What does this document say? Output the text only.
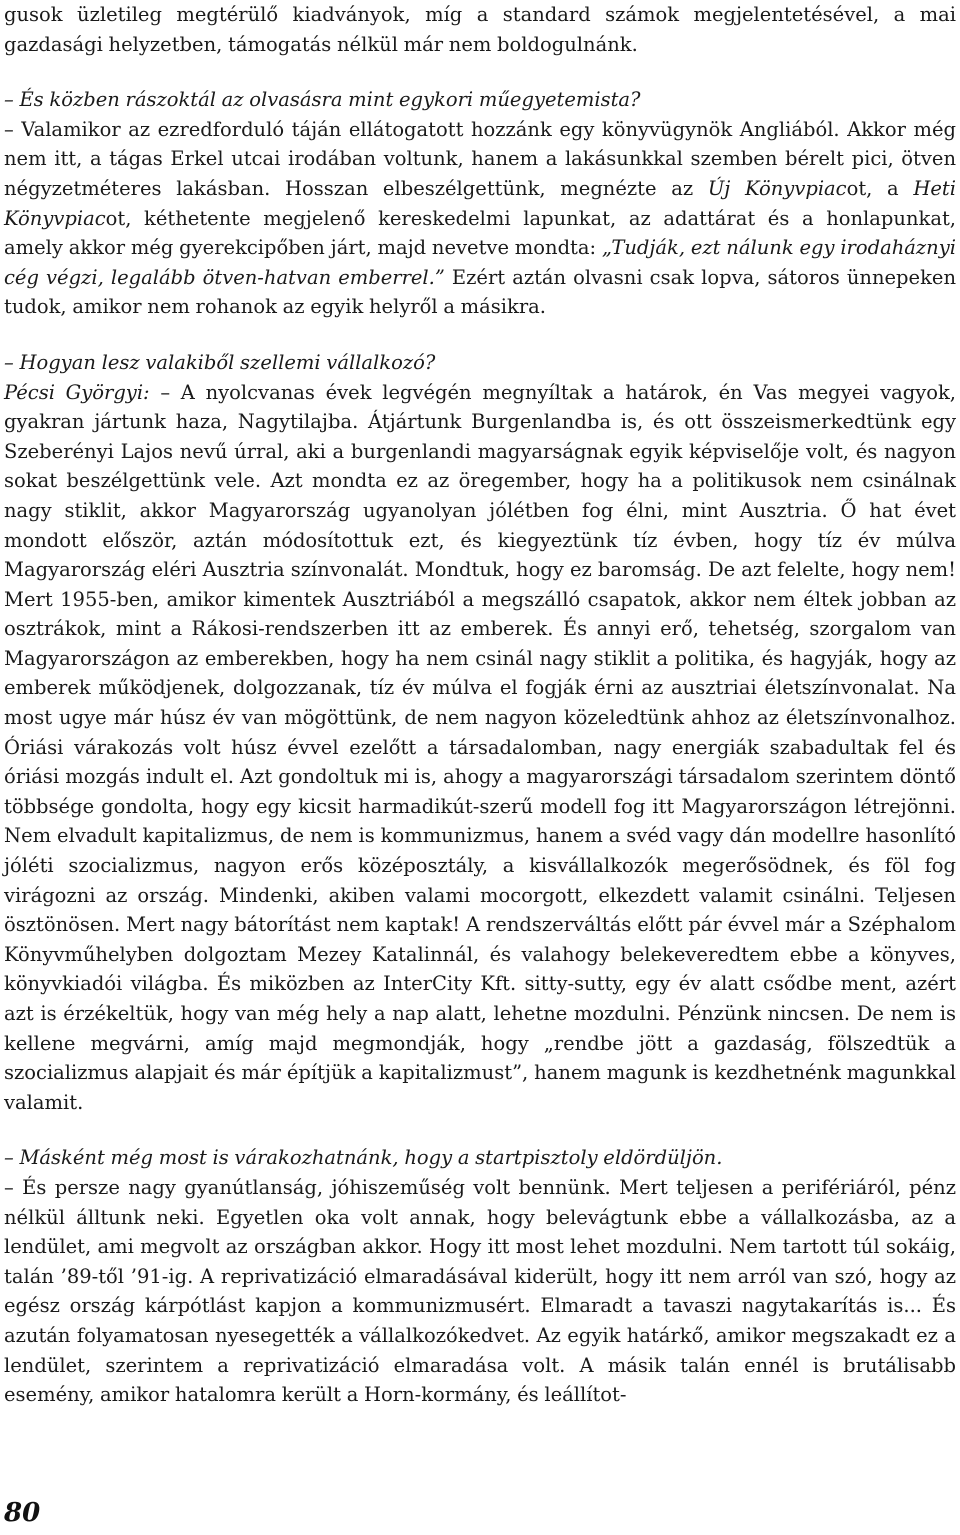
gusok üzletileg megtérülő kiadványok, míg a standard számok megjelentetésével, a mai gazdasági helyzetben, támogatás nélkül már nem boldogulnánk.

– És közben rászoktál az olvasásra mint egykori műegyetemista?

– Valamikor az ezredforduló táján ellátogatott hozzánk egy könyvügynök Angliából. Akkor még nem itt, a tágas Erkel utcai irodában voltunk, hanem a lakásunkkal szemben bérelt pici, ötven négyzetméteres lakásban. Hosszan elbeszélgettünk, megnézte az Új Könyvpiacot, a Heti Könyvpiacot, kéthetente megjelenő kereskedelmi lapunkat, az adattárat és a honlapunkat, amely akkor még gyerekcipőben járt, majd nevetve mondta: „Tudják, ezt nálunk egy irodaháznyi cég végzi, legalább ötven-hatvan emberrel.” Ezért aztán olvasni csak lopva, sátoros ünnepeken tudok, amikor nem rohanok az egyik helyről a másikra.

– Hogyan lesz valakiből szellemi vállalkozó?

Pécsi Györgyi: – A nyolcvanas évek legvégén megnyíltak a határok, én Vas megyei vagyok, gyakran jártunk haza, Nagytilajba. Átjártunk Burgenlandba is, és ott összeismerkedtünk egy Szeberényi Lajos nevű úrral, aki a burgenlandi magyarságnak egyik képviselője volt, és nagyon sokat beszélgettünk vele. Azt mondta ez az öregember, hogy ha a politikusok nem csinálnak nagy stiklit, akkor Magyarország ugyanolyan jólétben fog élni, mint Ausztria. Ő hat évet mondott először, aztán módosítottuk ezt, és kiegyeztünk tíz évben, hogy tíz év múlva Magyarország eléri Ausztria színvonalát. Mondtuk, hogy ez baromság. De azt felelte, hogy nem! Mert 1955-ben, amikor kimentek Ausztriából a megszálló csapatok, akkor nem éltek jobban az osztrákok, mint a Rákosi-rendszerben itt az emberek. És annyi erő, tehetség, szorgalom van Magyarországon az emberekben, hogy ha nem csinál nagy stiklit a politika, és hagyják, hogy az emberek működjenek, dolgozzanak, tíz év múlva el fogják érni az ausztriai életszínvonalat. Na most ugye már húsz év van mögöttünk, de nem nagyon közeledtünk ahhoz az életszínvonalhoz. Óriási várakozás volt húsz évvel ezelőtt a társadalomban, nagy energiák szabadultak fel és óriási mozgás indult el. Azt gondoltuk mi is, ahogy a magyarországi társadalom szerintem döntő többsége gondolta, hogy egy kicsit harmadikút-szerű modell fog itt Magyarországon létrejönni. Nem elvadult kapitalizmus, de nem is kommunizmus, hanem a svéd vagy dán modellre hasonlító jóléti szocializmus, nagyon erős középosztály, a kisvállalkozók megerősödnek, és föl fog virágozni az ország. Mindenki, akiben valami mocorgott, elkezdett valamit csinálni. Teljesen ösztönösen. Mert nagy bátorítást nem kaptak! A rendszerváltás előtt pár évvel már a Széphalom Könyvműhelyben dolgoztam Mezey Katalinnál, és valahogy belekeveredtem ebbe a könyves, könyvkiadói világba. És miközben az InterCity Kft. sitty-sutty, egy év alatt csődbe ment, azért azt is érzékeltük, hogy van még hely a nap alatt, lehetne mozdulni. Pénzünk nincsen. De nem is kellene megvárni, amíg majd megmondják, hogy „rendbe jött a gazdaság, fölszedtük a szocializmus alapjait és már építjük a kapitalizmust”, hanem magunk is kezdhetnénk magunkkal valamit.

– Másként még most is várakozhatnánk, hogy a startpisztoly eldördüljön.

– És persze nagy gyanútlanság, jóhiszeműség volt bennünk. Mert teljesen a perifériáról, pénz nélkül álltunk neki. Egyetlen oka volt annak, hogy belevágtunk ebbe a vállalkozásba, az a lendület, ami megvolt az országban akkor. Hogy itt most lehet mozdulni. Nem tartott túl sokáig, talán ’89-től ’91-ig. A reprivatizáció elmaradásával kiderült, hogy itt nem arról van szó, hogy az egész ország kárpótlást kapjon a kommunizmusért. Elmaradt a tavaszi nagytakarítás is... És azután folyamatosan nyesegették a vállalkozókedvet. Az egyik határkő, amikor megszakadt ez a lendület, szerintem a reprivatizáció elmaradása volt. A másik talán ennél is brutálisabb esemény, amikor hatalomra került a Horn-kormány, és leállítot-

80
